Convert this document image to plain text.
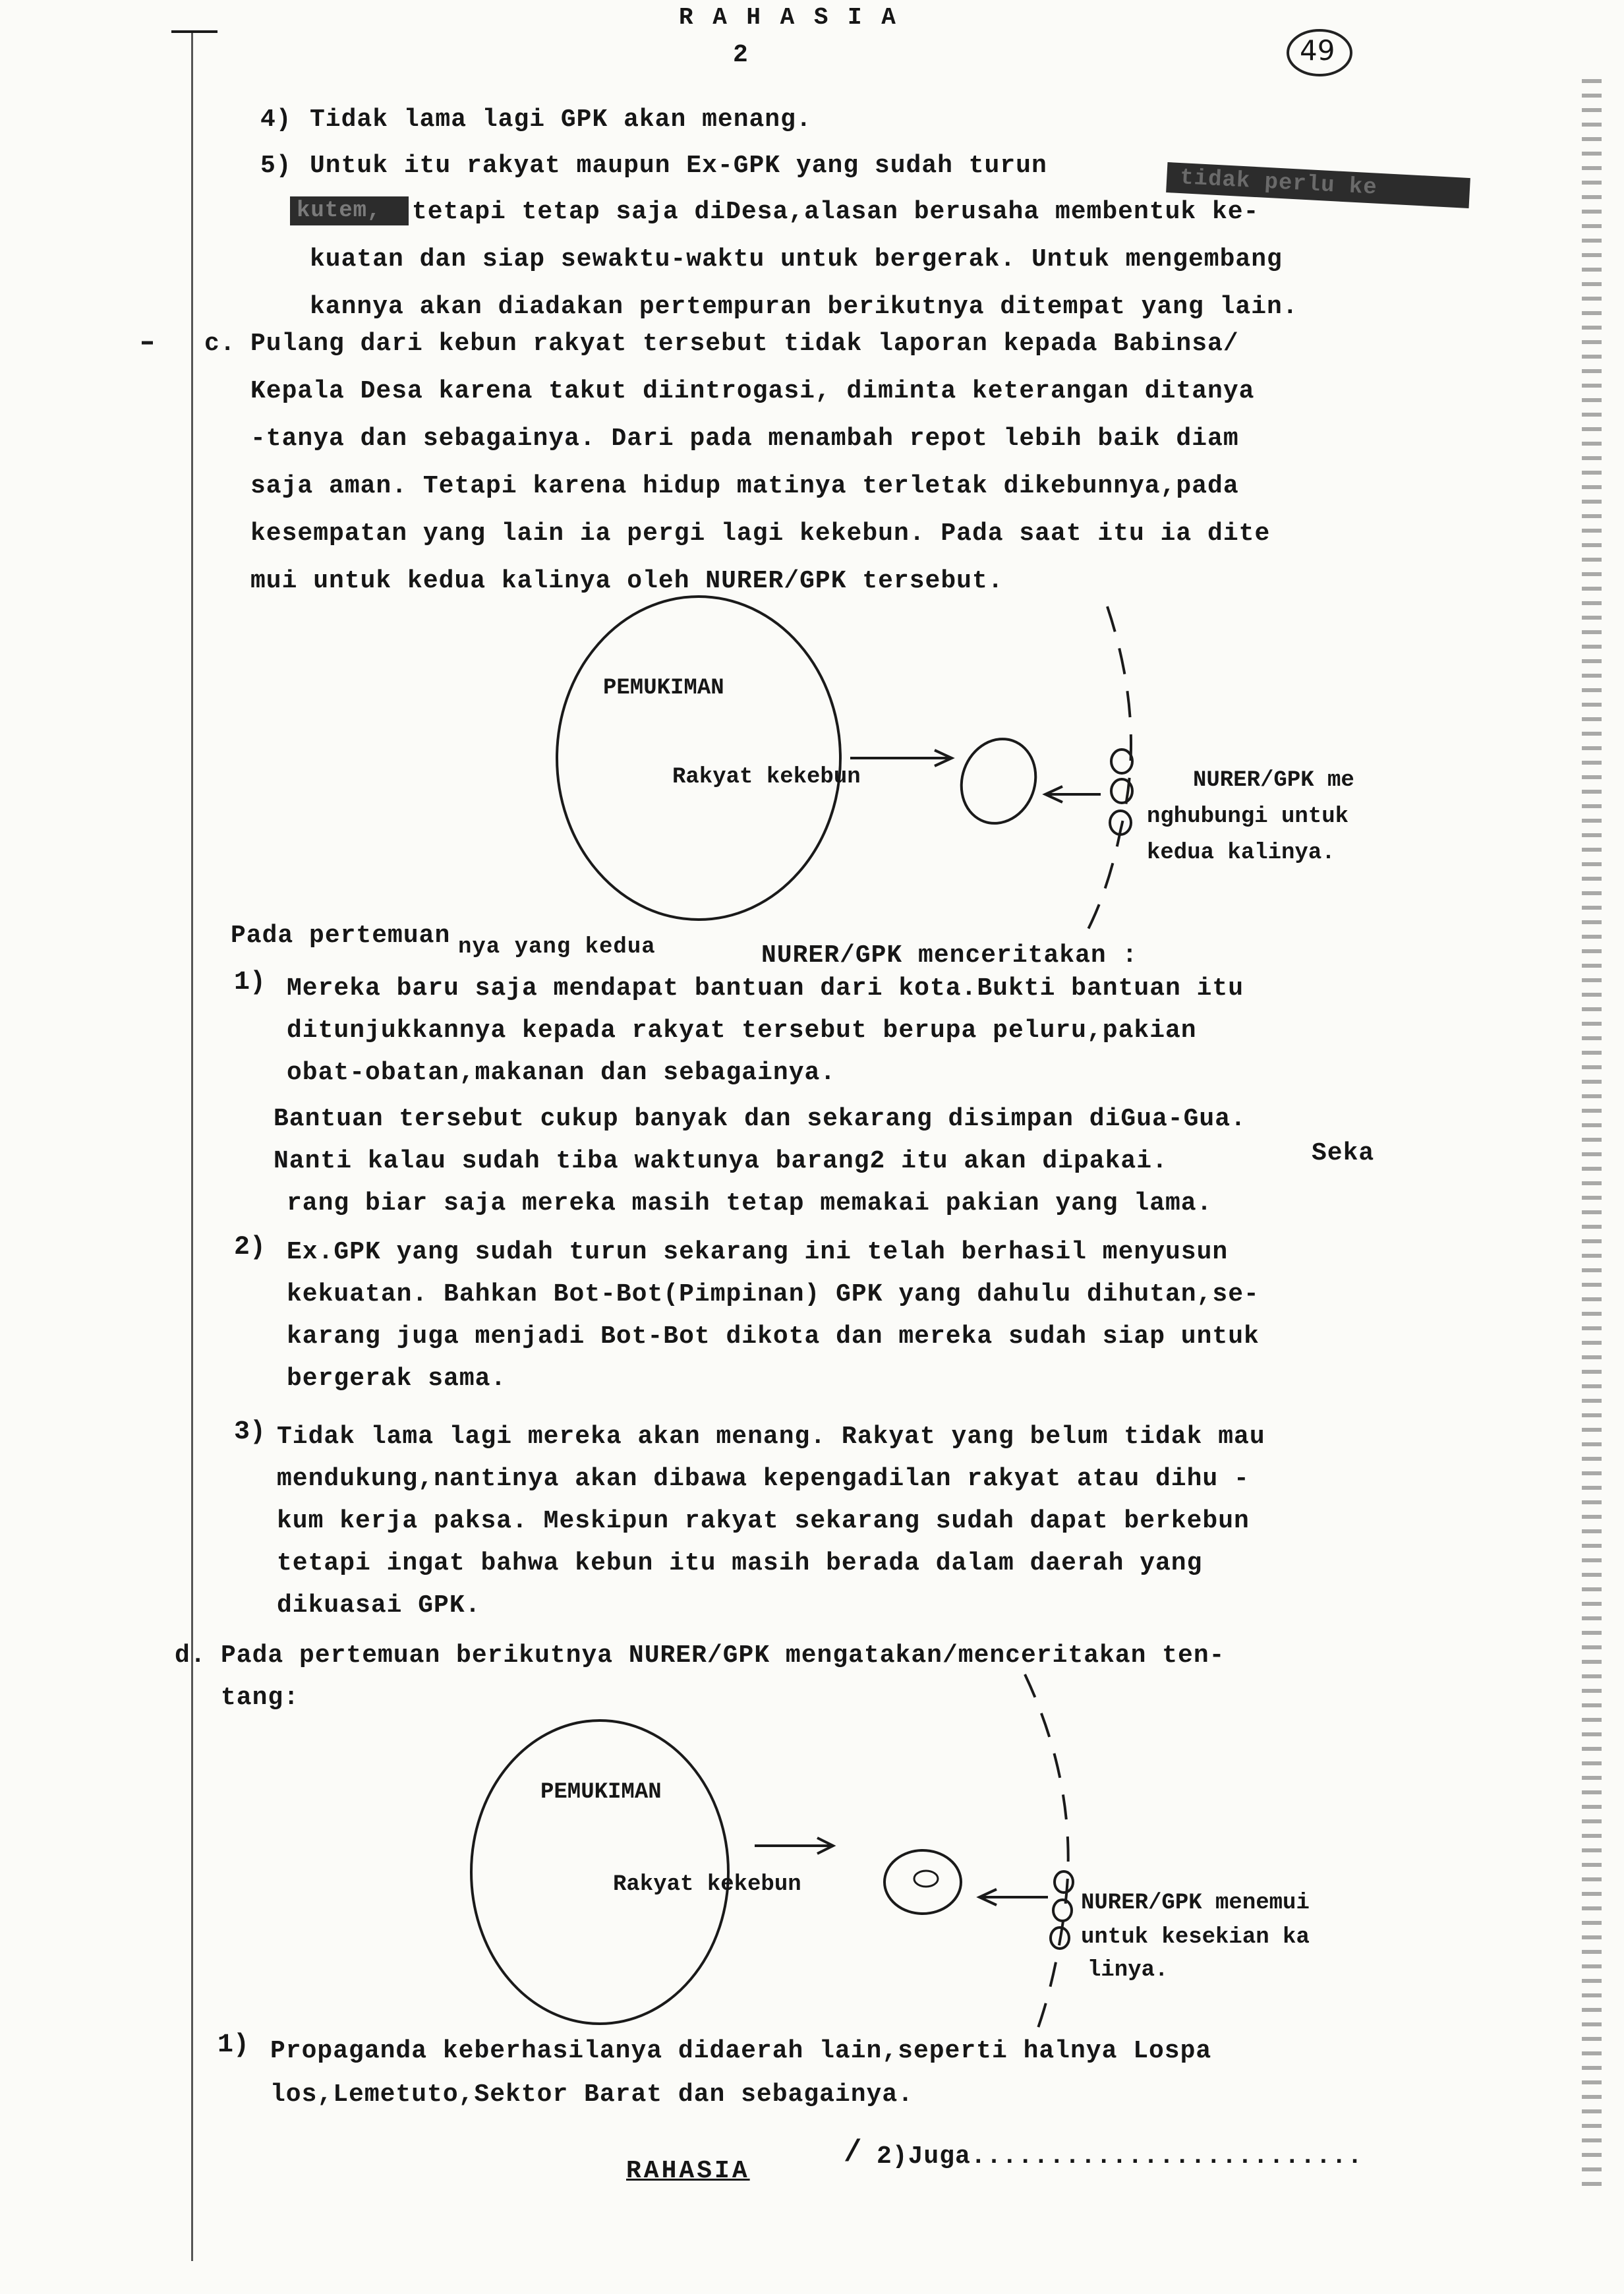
R A H A S I A
2	49
4) Tidak lama lagi GPK akan menang.
5) Untuk itu rakyat maupun Ex-GPK yang sudah turun	tidak perlu ke
kutem,	tetapi tetap saja diDesa,alasan berusaha membentuk ke-
kuatan dan siap sewaktu-waktu untuk bergerak. Untuk mengembang
kannya akan diadakan pertempuran berikutnya ditempat yang lain.
c. Pulang dari kebun rakyat tersebut tidak laporan kepada Babinsa/
Kepala Desa karena takut diintrogasi, diminta keterangan ditanya
-tanya dan sebagainya. Dari pada menambah repot lebih baik diam
saja aman. Tetapi karena hidup matinya terletak dikebunnya,pada
kesempatan yang lain ia pergi lagi kekebun. Pada saat itu ia dite
mui untuk kedua kalinya oleh NURER/GPK tersebut.
PEMUKIMAN
Rakyat kekebun	NURER/GPK me
nghubungi untuk
kedua kalinya.
Pada pertemuan nya yang kedua	NURER/GPK menceritakan :
1) Mereka baru saja mendapat bantuan dari kota.Bukti bantuan itu
ditunjukkannya kepada rakyat tersebut berupa peluru,pakian
obat-obatan,makanan dan sebagainya.
Bantuan tersebut cukup banyak dan sekarang disimpan diGua-Gua.
Nanti kalau sudah tiba waktunya barang2 itu akan dipakai.	Seka
rang biar saja mereka masih tetap memakai pakian yang lama.
2) Ex.GPK yang sudah turun sekarang ini telah berhasil menyusun
kekuatan. Bahkan Bot-Bot(Pimpinan) GPK yang dahulu dihutan,se-
karang juga menjadi Bot-Bot dikota dan mereka sudah siap untuk
bergerak sama.
3) Tidak lama lagi mereka akan menang. Rakyat yang belum tidak mau
mendukung,nantinya akan dibawa kepengadilan rakyat atau dihu -
kum kerja paksa. Meskipun rakyat sekarang sudah dapat berkebun
tetapi ingat bahwa kebun itu masih berada dalam daerah yang
dikuasai GPK.
d. Pada pertemuan berikutnya NURER/GPK mengatakan/menceritakan ten-
tang:
PEMUKIMAN
Rakyat kekebun
NURER/GPK menemui
untuk kesekian ka
linya.
1) Propaganda keberhasilanya didaerah lain,seperti halnya Lospa
los,Lemetuto,Sektor Barat dan sebagainya.
RAHASIA
/ 2)Juga.........................
